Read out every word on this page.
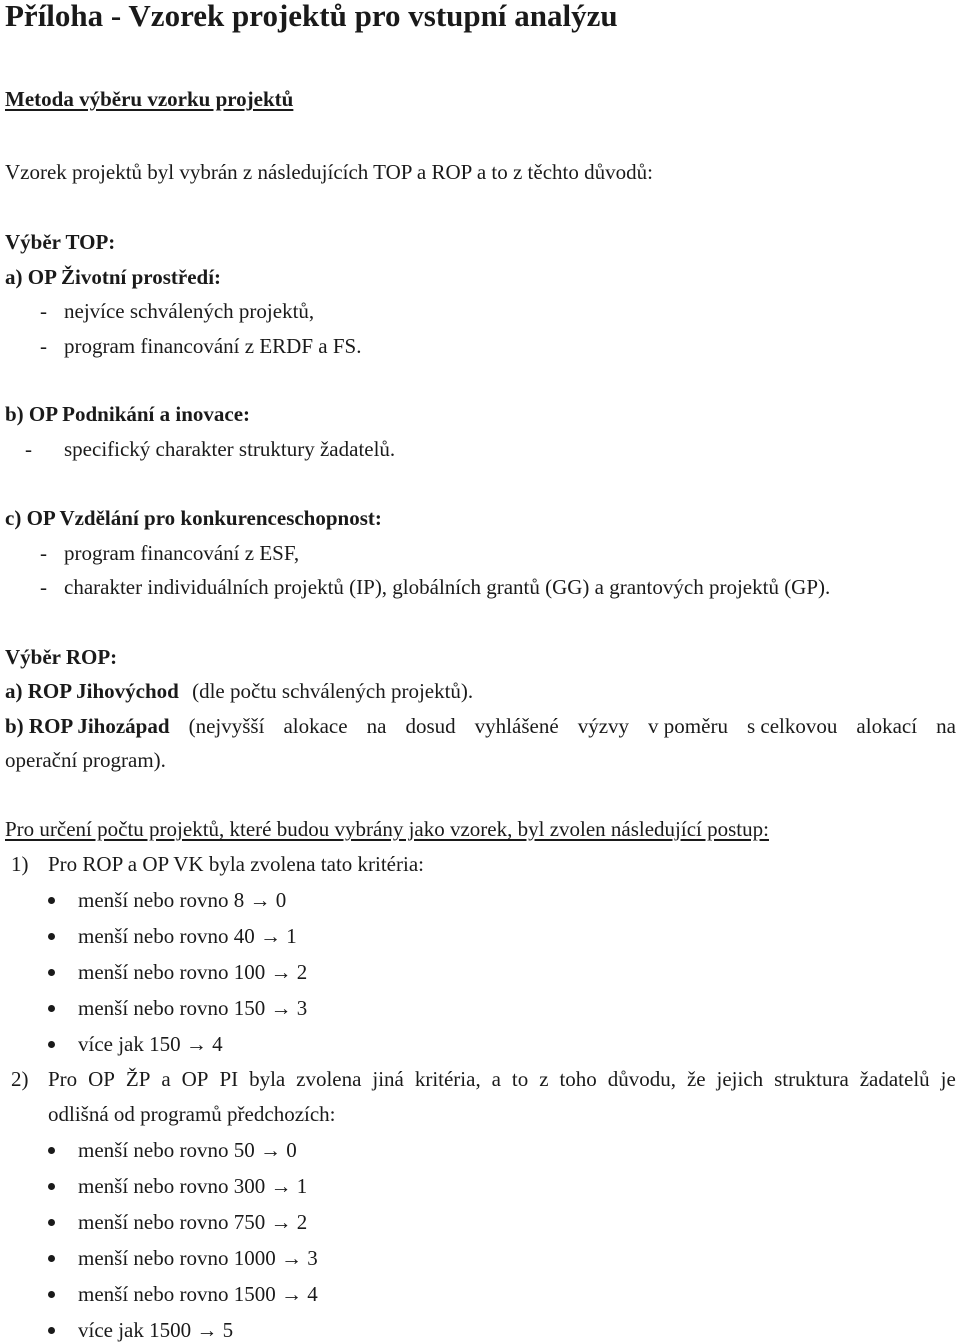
Příloha - Vzorek projektů pro vstupní analýzu
Metoda výběru vzorku projektů
Vzorek projektů byl vybrán z následujících TOP a ROP a to z těchto důvodů:
Výběr TOP:
a) OP Životní prostředí:
- nejvíce schválených projektů,
- program financování z ERDF a FS.
b) OP Podnikání a inovace:
- specifický charakter struktury žadatelů.
c) OP Vzdělání pro konkurenceschopnost:
- program financování z ESF,
- charakter individuálních projektů (IP), globálních grantů (GG) a grantových projektů (GP).
Výběr ROP:
a) ROP Jihovýchod (dle počtu schválených projektů).
b) ROP Jihozápad (nejvyšší alokace na dosud vyhlášené výzvy v poměru s celkovou alokací na
operační program).
Pro určení počtu projektů, které budou vybrány jako vzorek, byl zvolen následující postup:
1) Pro ROP a OP VK byla zvolena tato kritéria:
menší nebo rovno 8 → 0
menší nebo rovno 40 → 1
menší nebo rovno 100 → 2
menší nebo rovno 150 → 3
více jak 150 → 4
2) Pro OP ŽP a OP PI byla zvolena jiná kritéria, a to z toho důvodu, že jejich struktura žadatelů je
odlišná od programů předchozích:
menší nebo rovno 50 → 0
menší nebo rovno 300 → 1
menší nebo rovno 750 → 2
menší nebo rovno 1000 → 3
menší nebo rovno 1500 → 4
více jak 1500 → 5
